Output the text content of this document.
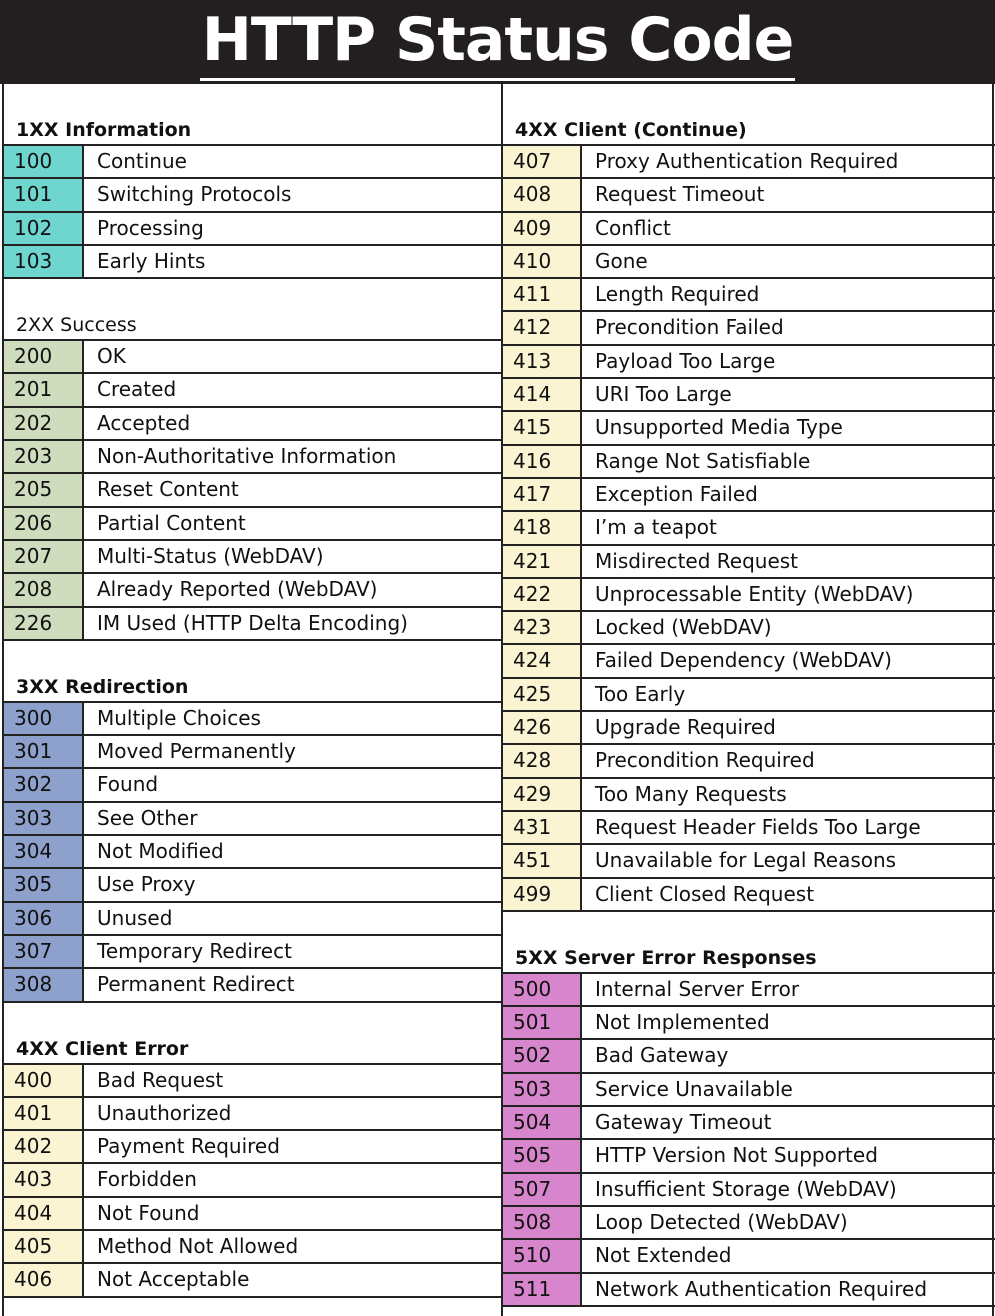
HTTP Status Code
1XX Information
100	Continue
101	Switching Protocols
102	Processing
103	Early Hints
2XX Success
200	OK
201	Created
202	Accepted
203	Non-Authoritative Information
205	Reset Content
206	Partial Content
207	Multi-Status (WebDAV)
208	Already Reported (WebDAV)
226	IM Used (HTTP Delta Encoding)
3XX Redirection
300	Multiple Choices
301	Moved Permanently
302	Found
303	See Other
304	Not Modified
305	Use Proxy
306	Unused
307	Temporary Redirect
308	Permanent Redirect
4XX Client Error
400	Bad Request
401	Unauthorized
402	Payment Required
403	Forbidden
404	Not Found
405	Method Not Allowed
406	Not Acceptable
4XX Client (Continue)
407	Proxy Authentication Required
408	Request Timeout
409	Conflict
410	Gone
411	Length Required
412	Precondition Failed
413	Payload Too Large
414	URI Too Large
415	Unsupported Media Type
416	Range Not Satisfiable
417	Exception Failed
418	I’m a teapot
421	Misdirected Request
422	Unprocessable Entity (WebDAV)
423	Locked (WebDAV)
424	Failed Dependency (WebDAV)
425	Too Early
426	Upgrade Required
428	Precondition Required
429	Too Many Requests
431	Request Header Fields Too Large
451	Unavailable for Legal Reasons
499	Client Closed Request
5XX Server Error Responses
500	Internal Server Error
501	Not Implemented
502	Bad Gateway
503	Service Unavailable
504	Gateway Timeout
505	HTTP Version Not Supported
507	Insufficient Storage (WebDAV)
508	Loop Detected (WebDAV)
510	Not Extended
511	Network Authentication Required
